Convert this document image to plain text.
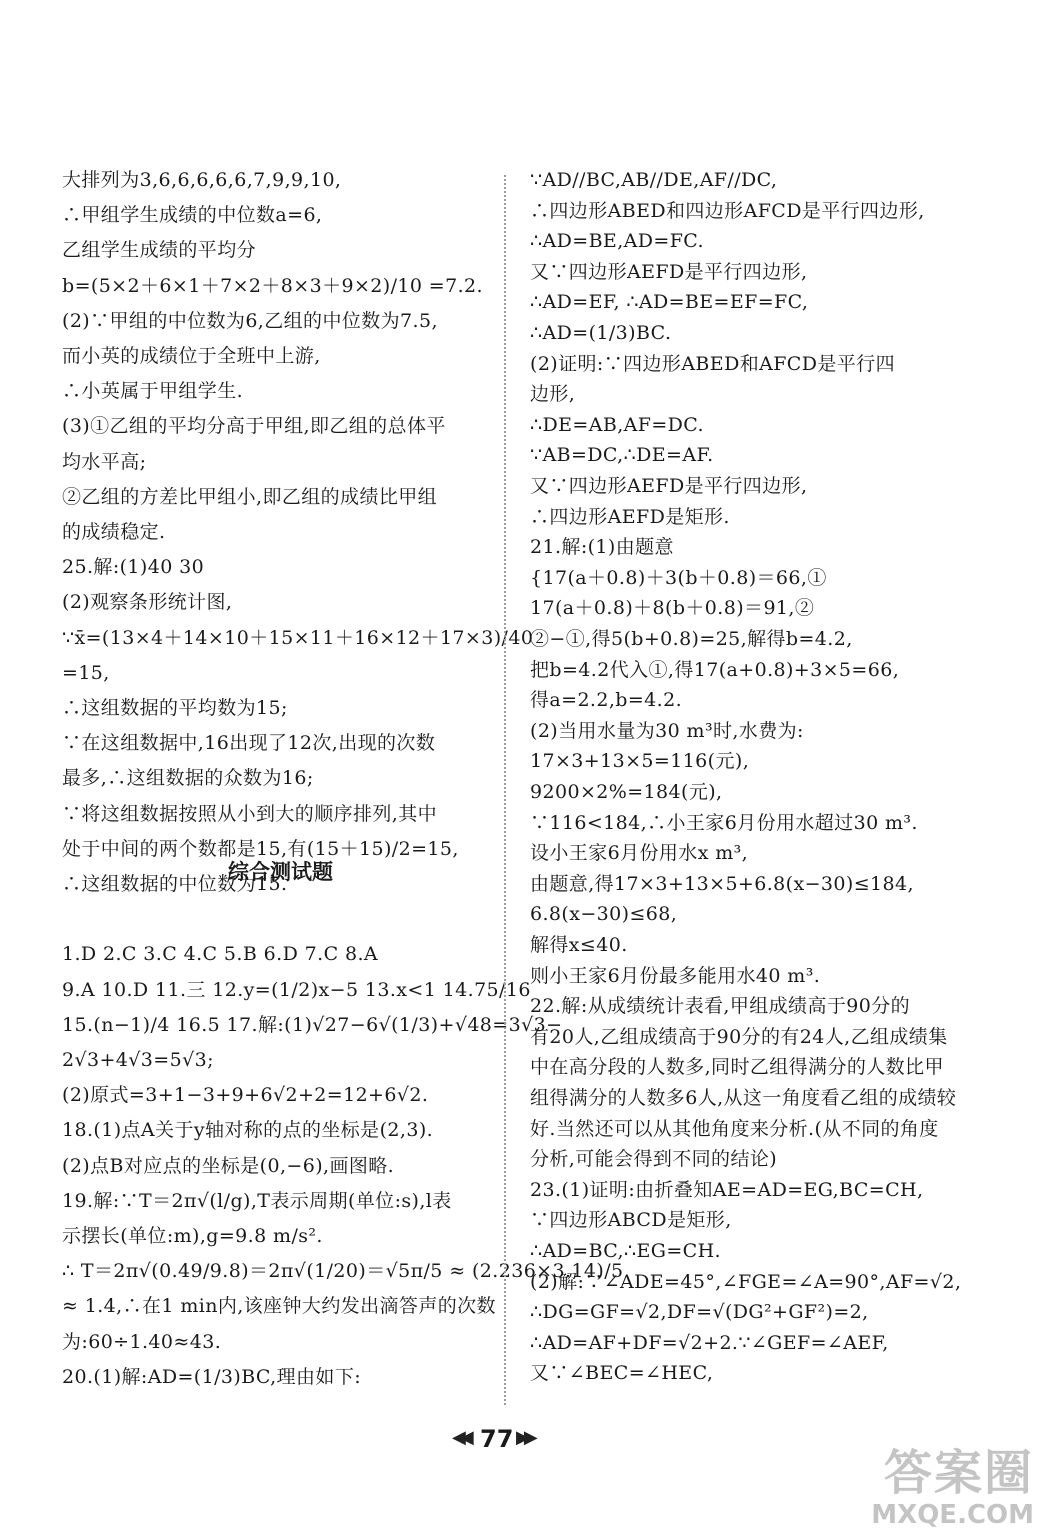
大排列为3,6,6,6,6,6,7,9,9,10,
∴甲组学生成绩的中位数a=6,
乙组学生成绩的平均分
b=(5×2＋6×1＋7×2＋8×3＋9×2)/10 =7.2.
(2)∵甲组的中位数为6,乙组的中位数为7.5,
而小英的成绩位于全班中上游,
∴小英属于甲组学生.
(3)①乙组的平均分高于甲组,即乙组的总体平
均水平高;
②乙组的方差比甲组小,即乙组的成绩比甲组
的成绩稳定.
25.解:(1)40 30
(2)观察条形统计图,
∵x̄=(13×4＋14×10＋15×11＋16×12＋17×3)/40
=15,
∴这组数据的平均数为15;
∵在这组数据中,16出现了12次,出现的次数
最多,∴这组数据的众数为16;
∵将这组数据按照从小到大的顺序排列,其中
处于中间的两个数都是15,有(15＋15)/2=15,
∴这组数据的中位数为15.
1.D 2.C 3.C 4.C 5.B 6.D 7.C 8.A
9.A 10.D 11.三 12.y=(1/2)x−5 13.x<1 14.75/16
15.(n−1)/4 16.5 17.解:(1)√27−6√(1/3)+√48=3√3−
2√3+4√3=5√3;
(2)原式=3+1−3+9+6√2+2=12+6√2.
18.(1)点A关于y轴对称的点的坐标是(2,3).
(2)点B对应点的坐标是(0,−6),画图略.
19.解:∵T＝2π√(l/g),T表示周期(单位:s),l表
示摆长(单位:m),g=9.8 m/s².
∴ T＝2π√(0.49/9.8)＝2π√(1/20)＝√5π/5 ≈ (2.236×3.14)/5
≈ 1.4,∴在1 min内,该座钟大约发出滴答声的次数
为:60÷1.40≈43.
20.(1)解:AD=(1/3)BC,理由如下:
综合测试题
∵AD//BC,AB//DE,AF//DC,
∴四边形ABED和四边形AFCD是平行四边形,
∴AD=BE,AD=FC.
又∵四边形AEFD是平行四边形,
∴AD=EF, ∴AD=BE=EF=FC,
∴AD=(1/3)BC.
(2)证明:∵四边形ABED和AFCD是平行四
边形,
∴DE=AB,AF=DC.
∵AB=DC,∴DE=AF.
又∵四边形AEFD是平行四边形,
∴四边形AEFD是矩形.
21.解:(1)由题意
{17(a＋0.8)＋3(b＋0.8)＝66,①
17(a＋0.8)＋8(b＋0.8)＝91,②
②−①,得5(b+0.8)=25,解得b=4.2,
把b=4.2代入①,得17(a+0.8)+3×5=66,
得a=2.2,b=4.2.
(2)当用水量为30 m³时,水费为:
17×3+13×5=116(元),
9200×2%=184(元),
∵116<184,∴小王家6月份用水超过30 m³.
设小王家6月份用水x m³,
由题意,得17×3+13×5+6.8(x−30)≤184,
6.8(x−30)≤68,
解得x≤40.
则小王家6月份最多能用水40 m³.
22.解:从成绩统计表看,甲组成绩高于90分的
有20人,乙组成绩高于90分的有24人,乙组成绩集
中在高分段的人数多,同时乙组得满分的人数比甲
组得满分的人数多6人,从这一角度看乙组的成绩较
好.当然还可以从其他角度来分析.(从不同的角度
分析,可能会得到不同的结论)
23.(1)证明:由折叠知AE=AD=EG,BC=CH,
∵四边形ABCD是矩形,
∴AD=BC,∴EG=CH.
(2)解:∵∠ADE=45°,∠FGE=∠A=90°,AF=√2,
∴DG=GF=√2,DF=√(DG²+GF²)=2,
∴AD=AF+DF=√2+2.∵∠GEF=∠AEF,
又∵∠BEC=∠HEC,
◀◀ 77 ▶▶
答案圈
MXQE.COM
